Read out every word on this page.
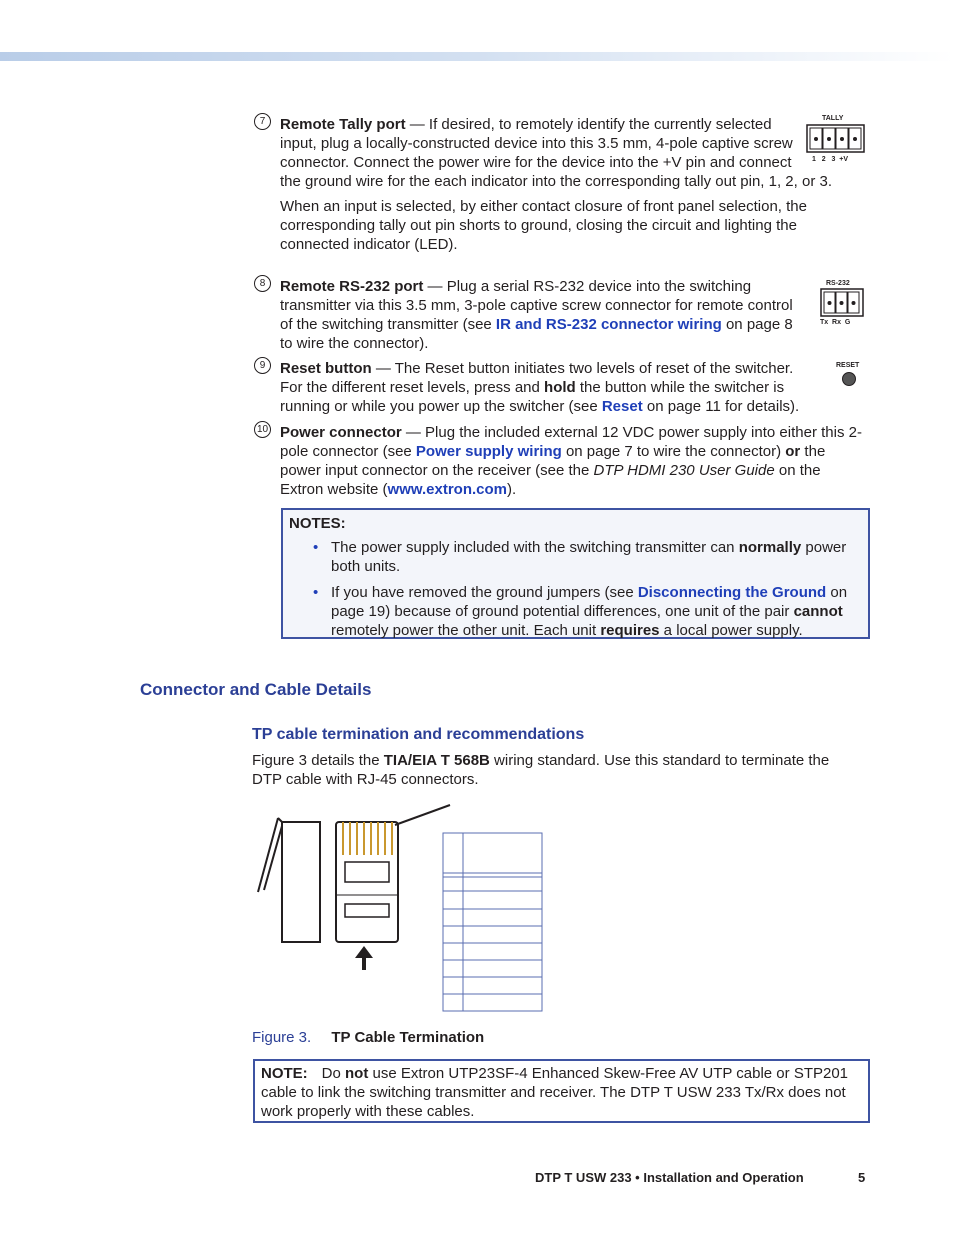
7	TALLY
1   2   3  +V
Remote Tally port — If desired, to remotely identify the currently selected input, plug a locally-constructed device into this 3.5 mm, 4-pole captive screw connector. Connect the power wire for the device into the +V pin and connect the ground wire for the each indicator into the corresponding tally out pin, 1, 2, or 3.
When an input is selected, by either contact closure of front panel selection, the corresponding tally out pin shorts to ground, closing the circuit and lighting the connected indicator (LED).
8	RS-232
Tx  Rx  G
Remote RS-232 port — Plug a serial RS-232 device into the switching transmitter via this 3.5 mm, 3-pole captive screw connector for remote control of the switching transmitter (see IR and RS-232 connector wiring on page 8 to wire the connector).
9	RESET
Reset button — The Reset button initiates two levels of reset of the switcher. For the different reset levels, press and hold the button while the switcher is running or while you power up the switcher (see Reset on page 11 for details).
10 Power connector — Plug the included external 12 VDC power supply into either this 2-pole connector (see Power supply wiring on page 7 to wire the connector) or the power input connector on the receiver (see the DTP HDMI 230 User Guide on the Extron website (www.extron.com).
NOTES:
• The power supply included with the switching transmitter can normally power both units.
• If you have removed the ground jumpers (see Disconnecting the Ground on page 19) because of ground potential differences, one unit of the pair cannot remotely power the other unit. Each unit requires a local power supply.
Connector and Cable Details
TP cable termination and recommendations
Figure 3 details the TIA/EIA T 568B wiring standard. Use this standard to terminate the DTP cable with RJ-45 connectors.
Figure 3. TP Cable Termination
NOTE: Do not use Extron UTP23SF-4 Enhanced Skew-Free AV UTP cable or STP201 cable to link the switching transmitter and receiver. The DTP T USW 233 Tx/Rx does not work properly with these cables.
DTP T USW 233 • Installation and Operation	5
